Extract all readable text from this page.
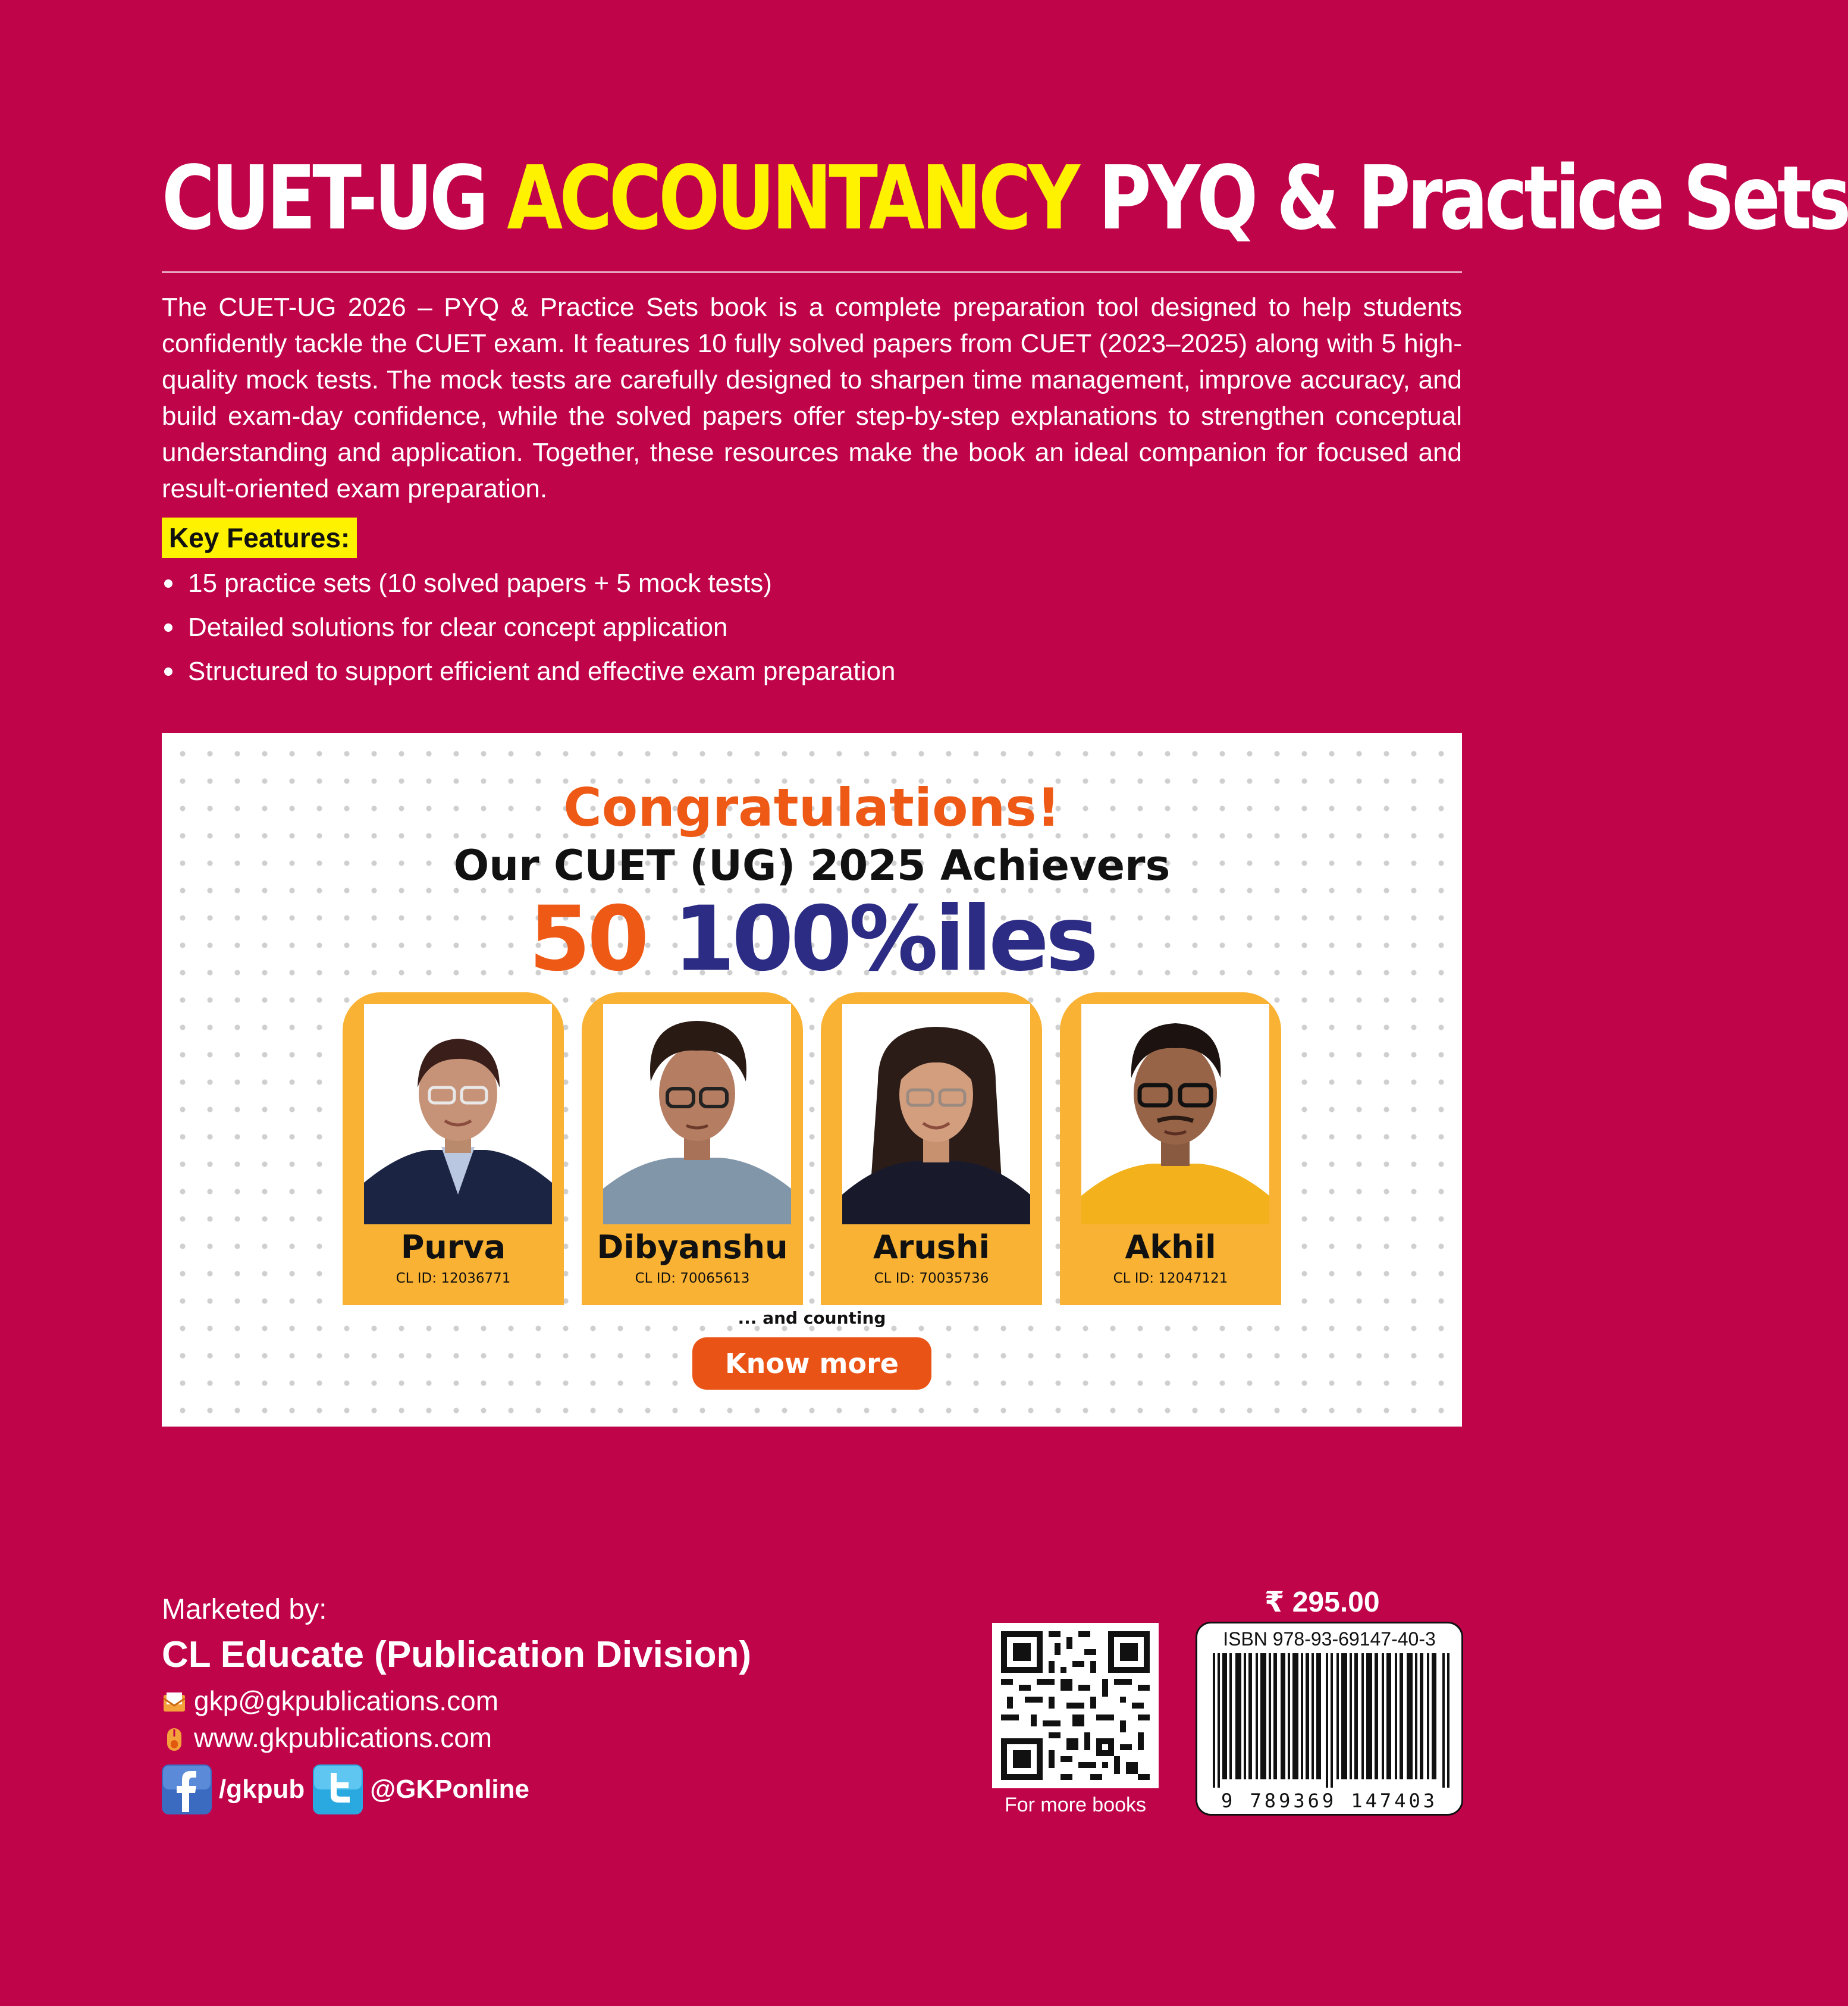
CUET-UG ACCOUNTANCY PYQ & Practice Sets

The CUET-UG 2026 – PYQ & Practice Sets book is a complete preparation tool designed to help students confidently tackle the CUET exam. It features 10 fully solved papers from CUET (2023–2025) along with 5 high-quality mock tests. The mock tests are carefully designed to sharpen time management, improve accuracy, and build exam-day confidence, while the solved papers offer step-by-step explanations to strengthen conceptual understanding and application. Together, these resources make the book an ideal companion for focused and result-oriented exam preparation.

Key Features:
15 practice sets (10 solved papers + 5 mock tests)
Detailed solutions for clear concept application
Structured to support efficient and effective exam preparation
Congratulations!
Our CUET (UG) 2025 Achievers
50 100%iles
Purva
CL ID: 12036771
Dibyanshu
CL ID: 70065613
Arushi
CL ID: 70035736
Akhil
CL ID: 12047121
... and counting
Know more
Marketed by:
CL Educate (Publication Division)
gkp@gkpublications.com
www.gkpublications.com
/gkpub	@GKPonline
For more books
₹ 295.00
ISBN 978-93-69147-40-3
9 789369 147403
